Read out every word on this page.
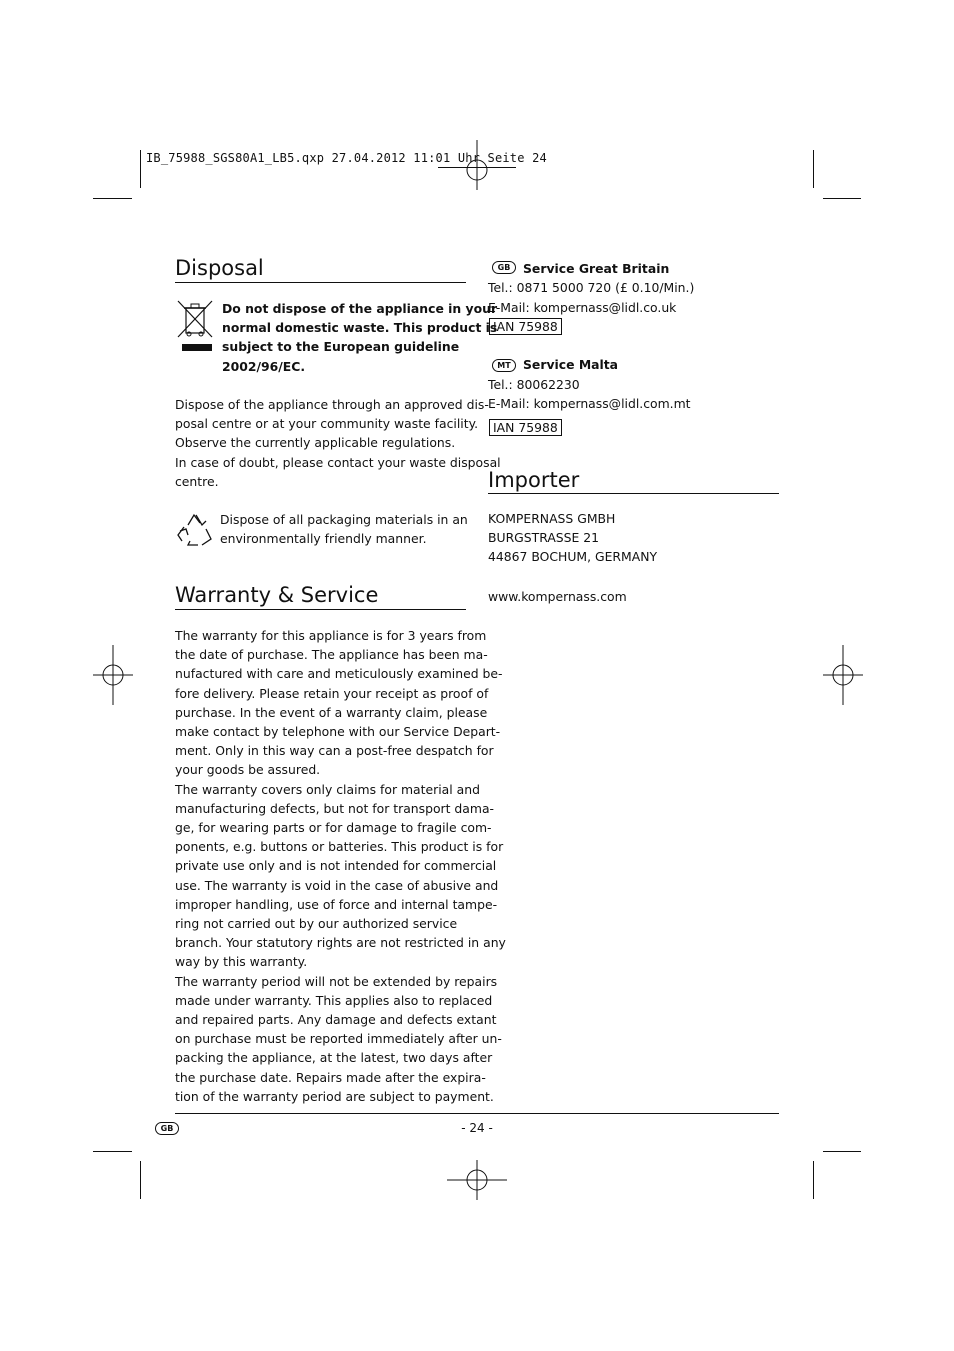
IB_75988_SGS80A1_LB5.qxp 27.04.2012 11:01 Uhr Seite 24
Disposal
Do not dispose of the appliance in your
normal domestic waste. This product is
subject to the European guideline
2002/96/EC.
Dispose of the appliance through an approved dis-
posal centre or at your community waste facility.
Observe the currently applicable regulations.
In case of doubt, please contact your waste disposal
centre.
Dispose of all packaging materials in an
environmentally friendly manner.
Warranty & Service
The warranty for this appliance is for 3 years from
the date of purchase. The appliance has been ma-
nufactured with care and meticulously examined be-
fore delivery. Please retain your receipt as proof of
purchase. In the event of a warranty claim, please
make contact by telephone with our Service Depart-
ment. Only in this way can a post-free despatch for
your goods be assured.
The warranty covers only claims for material and
manufacturing defects, but not for transport dama-
ge, for wearing parts or for damage to fragile com-
ponents, e.g. buttons or batteries. This product is for
private use only and is not intended for commercial
use. The warranty is void in the case of abusive and
improper handling, use of force and internal tampe-
ring not carried out by our authorized service
branch. Your statutory rights are not restricted in any
way by this warranty.
The warranty period will not be extended by repairs
made under warranty. This applies also to replaced
and repaired parts. Any damage and defects extant
on purchase must be reported immediately after un-
packing the appliance, at the latest, two days after
the purchase date. Repairs made after the expira-
tion of the warranty period are subject to payment.
GB	Service Great Britain
Tel.: 0871 5000 720 (£ 0.10/Min.)
E-Mail: kompernass@lidl.co.uk
IAN 75988
MT Service Malta
Tel.: 80062230
E-Mail: kompernass@lidl.com.mt
IAN 75988
Importer
KOMPERNASS GMBH
BURGSTRASSE 21
44867 BOCHUM, GERMANY
www.kompernass.com
GB	- 24 -
